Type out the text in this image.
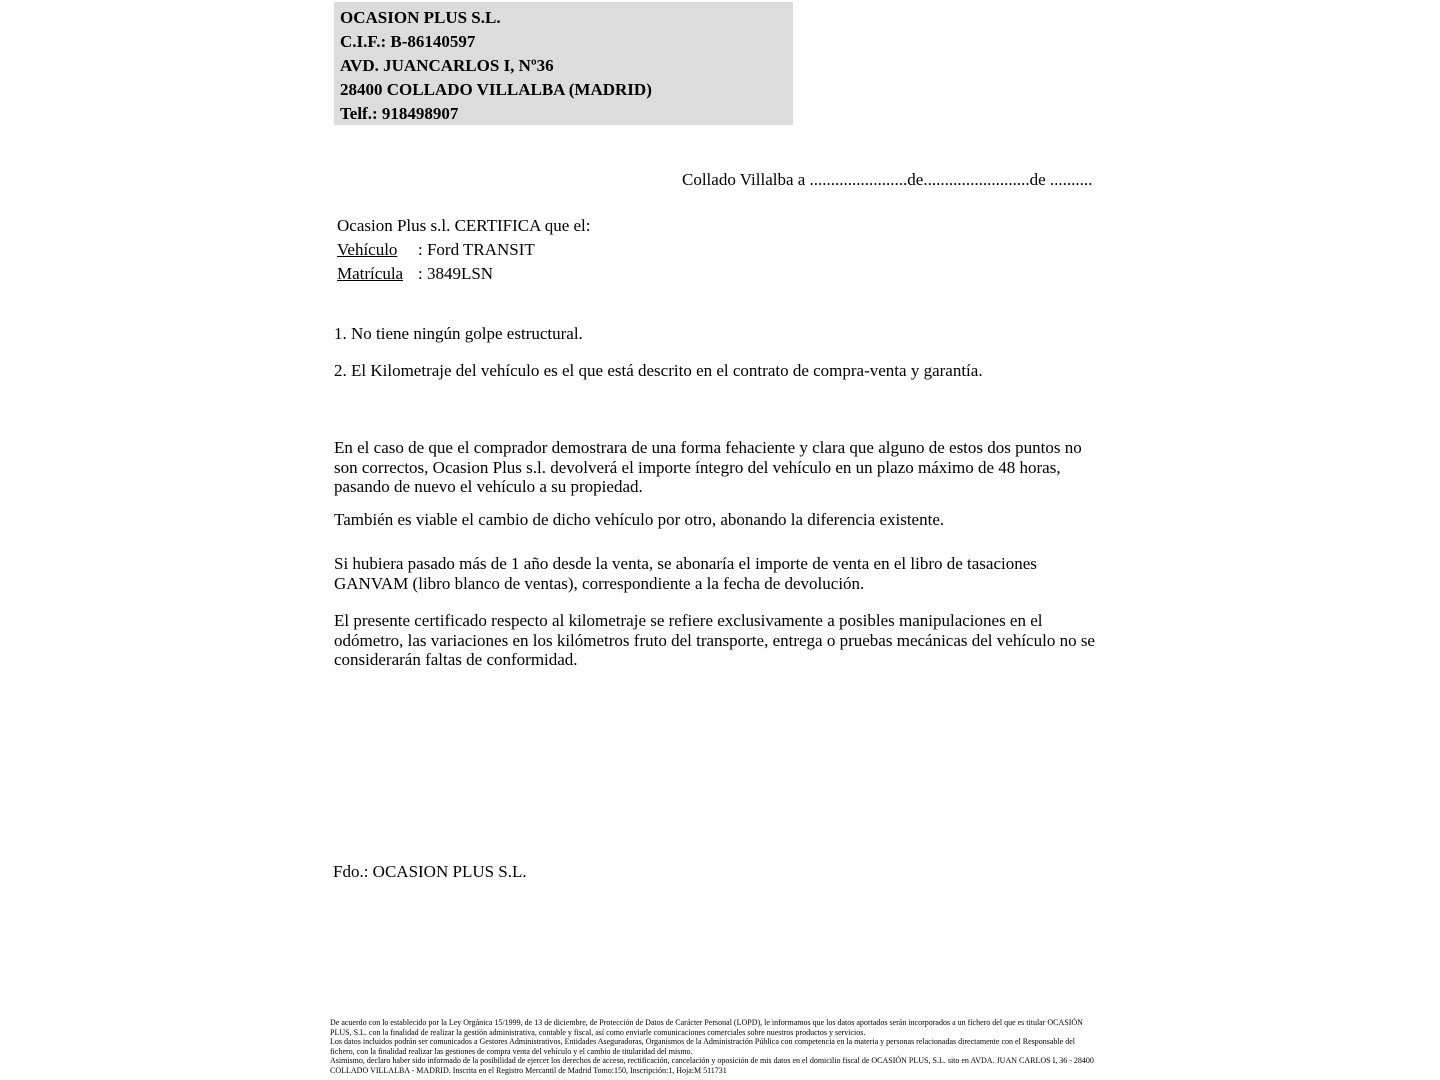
OCASION PLUS S.L.
C.I.F.: B-86140597
AVD. JUANCARLOS I, Nº36
28400 COLLADO VILLALBA (MADRID)
Telf.: 918498907
Collado Villalba a .......................de.........................de ..........
Ocasion Plus s.l. CERTIFICA que el:
Vehículo : Ford TRANSIT
Matrícula : 3849LSN
1. No tiene ningún golpe estructural.
2. El Kilometraje del vehículo es el que está descrito en el contrato de compra-venta y garantía.
En el caso de que el comprador demostrara de una forma fehaciente y clara que alguno de estos dos puntos no son correctos, Ocasion Plus s.l. devolverá el importe íntegro del vehículo en un plazo máximo de 48 horas, pasando de nuevo el vehículo a su propiedad.
También es viable el cambio de dicho vehículo por otro, abonando la diferencia existente.
Si hubiera pasado más de 1 año desde la venta, se abonaría el importe de venta en el libro de tasaciones GANVAM (libro blanco de ventas), correspondiente a la fecha de devolución.
El presente certificado respecto al kilometraje se refiere exclusivamente a posibles manipulaciones en el odómetro, las variaciones en los kilómetros fruto del transporte, entrega o pruebas mecánicas del vehículo no se considerarán faltas de conformidad.
Fdo.: OCASION PLUS S.L.

De acuerdo con lo establecido por la Ley Orgánica 15/1999, de 13 de diciembre, de Protección de Datos de Carácter Personal (LOPD), le informamos que los datos aportados serán incorporados a un fichero del que es titular OCASIÓN PLUS, S.L. con la finalidad de realizar la gestión administrativa, contable y fiscal, así como enviarle comunicaciones comerciales sobre nuestros productos y servicios.

Los datos incluidos podrán ser comunicados a Gestores Administrativos, Entidades Aseguradoras, Organismos de la Administración Pública con competencia en la materia y personas relacionadas directamente con el Responsable del fichero, con la finalidad realizar las gestiones de compra venta del vehículo y el cambio de titularidad del mismo.

Asimismo, declaro haber sido informado de la posibilidad de ejercer los derechos de acceso, rectificación, cancelación y oposición de mis datos en el domicilio fiscal de OCASIÓN PLUS, S.L. sito en AVDA. JUAN CARLOS I, 36 - 28400 COLLADO VILLALBA - MADRID. Inscrita en el Registro Mercantil de Madrid Tomo:150, Inscripción:1, Hoja:M 511731
